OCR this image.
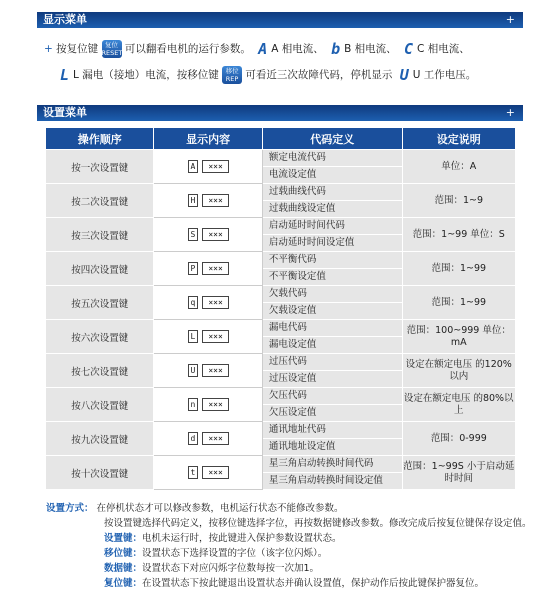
显示菜单	+
+ 按复位键 复位
RESET 可以翻看电机的运行参数。 A A 相电流、 b B 相电流、 C C 相电流、
L L 漏电（接地）电流，按移位键 移位
REP 可看近三次故障代码，停机显示 U U 工作电压。
设置菜单	+
操作顺序	显示内容	代码定义	设定说明
按一次设置键	A ×××	额定电流代码
电流设定值	单位：A
按二次设置键	H ×××	过载曲线代码
过载曲线设定值	范围：1~9
按三次设置键	S ×××	启动延时时间代码
启动延时时间设定值	范围：1~99 单位：S
按四次设置键	P ×××	不平衡代码
不平衡设定值	范围：1~99
按五次设置键	q ×××	欠载代码
欠载设定值	范围：1~99
按六次设置键	L ×××	漏电代码
漏电设定值	范围：100~999 单位：mA
按七次设置键	U ×××	过压代码
过压设定值	设定在额定电压 的120%以内
按八次设置键	n ×××	欠压代码
欠压设定值	设定在额定电压 的80%以上
按九次设置键	d ×××	通讯地址代码
通讯地址设定值	范围：0-999
按十次设置键	t ×××	星三角启动转换时间代码
星三角启动转换时间设定值	范围：1~99S 小于启动延时时间
设置方式： 在停机状态才可以修改参数，电机运行状态不能修改参数。
按设置键选择代码定义，按移位键选择字位，再按数据键修改参数。修改完成后按复位键保存设定值。
设置键：电机未运行时，按此键进入保护参数设置状态。
移位键：设置状态下选择设置的字位（该字位闪烁）。
数据键：设置状态下对应闪烁字位数每按一次加1。
复位键：在设置状态下按此键退出设置状态并确认设置值，保护动作后按此键保护器复位。
